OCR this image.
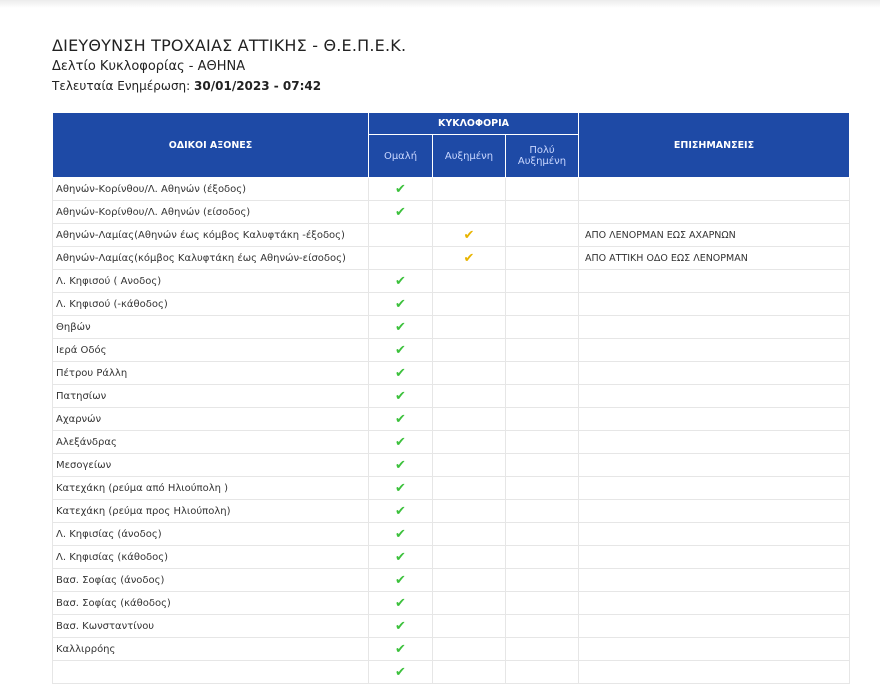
ΔΙΕΥΘΥΝΣΗ ΤΡΟΧΑΙΑΣ ΑΤΤΙΚΗΣ - Θ.Ε.Π.Ε.Κ.
Δελτίο Κυκλοφορίας - ΑΘΗΝΑ
Τελευταία Ενημέρωση: 30/01/2023 - 07:42
ΟΔΙΚΟΙ ΑΞΟΝΕΣ	ΚΥΚΛΟΦΟΡΙΑ			ΕΠΙΣΗΜΑΝΣΕΙΣ
	Ομαλή	Αυξημένη	Πολύ
Αυξημένη	
Αθηνών-Κορίνθου/Λ. Αθηνών (έξοδος)	✔			
Αθηνών-Κορίνθου/Λ. Αθηνών (είσοδος)	✔			
Αθηνών-Λαμίας(Αθηνών έως κόμβος Καλυφτάκη -έξοδος)		✔		ΑΠΟ ΛΕΝΟΡΜΑΝ ΕΩΣ ΑΧΑΡΝΩΝ
Αθηνών-Λαμίας(κόμβος Καλυφτάκη έως Αθηνών-είσοδος)		✔		ΑΠΟ ΑΤΤΙΚΗ ΟΔΟ ΕΩΣ ΛΕΝΟΡΜΑΝ
Λ. Κηφισού ( Ανοδος)	✔			
Λ. Κηφισού (-κάθοδος)	✔			
Θηβών	✔			
Ιερά Οδός	✔			
Πέτρου Ράλλη	✔			
Πατησίων	✔			
Αχαρνών	✔			
Αλεξάνδρας	✔			
Μεσογείων	✔			
Κατεχάκη (ρεύμα από Ηλιούπολη )	✔			
Κατεχάκη (ρεύμα προς Ηλιούπολη)	✔			
Λ. Κηφισίας (άνοδος)	✔			
Λ. Κηφισίας (κάθοδος)	✔			
Βασ. Σοφίας (άνοδος)	✔			
Βασ. Σοφίας (κάθοδος)	✔			
Βασ. Κωνσταντίνου	✔			
Καλλιρρόης	✔			
	✔			
